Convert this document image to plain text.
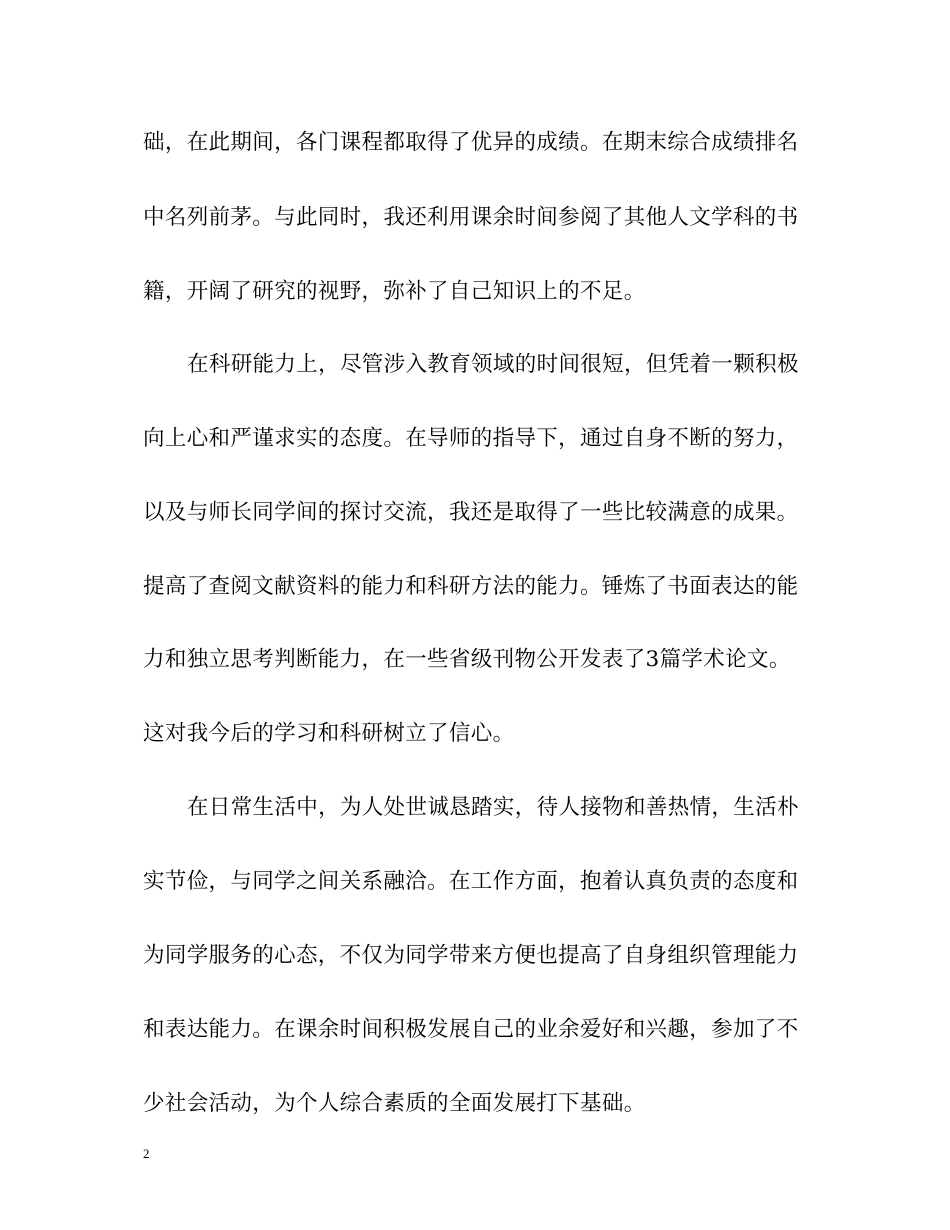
础，在此期间，各门课程都取得了优异的成绩。在期末综合成绩排名
中名列前茅。与此同时，我还利用课余时间参阅了其他人文学科的书
籍，开阔了研究的视野，弥补了自己知识上的不足。
在科研能力上，尽管涉入教育领域的时间很短，但凭着一颗积极
向上心和严谨求实的态度。在导师的指导下，通过自身不断的努力，
以及与师长同学间的探讨交流，我还是取得了一些比较满意的成果。
提高了查阅文献资料的能力和科研方法的能力。锤炼了书面表达的能
力和独立思考判断能力，在一些省级刊物公开发表了3篇学术论文。
这对我今后的学习和科研树立了信心。
在日常生活中，为人处世诚恳踏实，待人接物和善热情，生活朴
实节俭，与同学之间关系融洽。在工作方面，抱着认真负责的态度和
为同学服务的心态，不仅为同学带来方便也提高了自身组织管理能力
和表达能力。在课余时间积极发展自己的业余爱好和兴趣，参加了不
少社会活动，为个人综合素质的全面发展打下基础。
2
